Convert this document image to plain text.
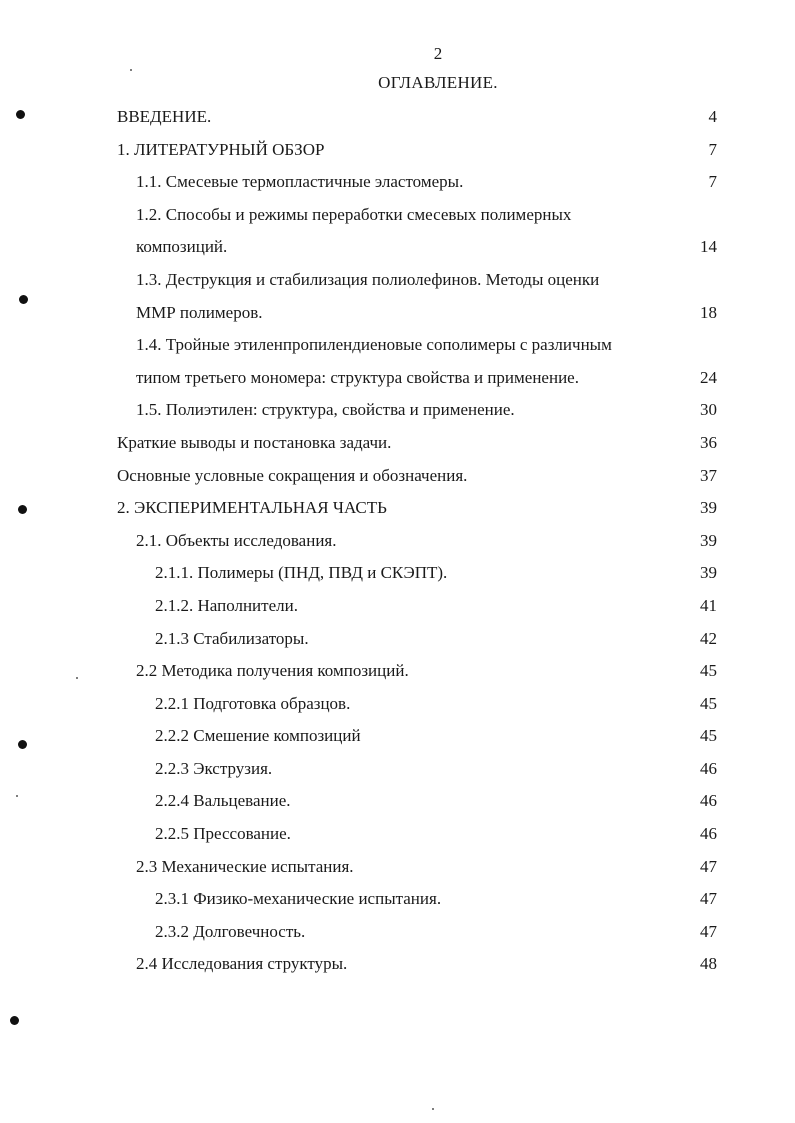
2
ОГЛАВЛЕНИЕ.
ВВЕДЕНИЕ.	4
1. ЛИТЕРАТУРНЫЙ ОБЗОР	7
1.1. Смесевые термопластичные эластомеры.	7
1.2. Способы и режимы переработки смесевых полимерных
композиций.	14
1.3. Деструкция и стабилизация полиолефинов. Методы оценки
ММР полимеров.	18
1.4. Тройные этиленпропилендиеновые сополимеры с различным
типом третьего мономера: структура свойства и применение.	24
1.5. Полиэтилен: структура, свойства и применение.	30
Краткие выводы и постановка задачи.	36
Основные условные сокращения и обозначения.	37
2. ЭКСПЕРИМЕНТАЛЬНАЯ ЧАСТЬ	39
2.1. Объекты исследования.	39
2.1.1. Полимеры (ПНД, ПВД и СКЭПТ).	39
2.1.2. Наполнители.	41
2.1.3 Стабилизаторы.	42
2.2 Методика получения композиций.	45
2.2.1 Подготовка образцов.	45
2.2.2 Смешение композиций	45
2.2.3 Экструзия.	46
2.2.4 Вальцевание.	46
2.2.5 Прессование.	46
2.3 Механические испытания.	47
2.3.1 Физико-механические испытания.	47
2.3.2 Долговечность.	47
2.4 Исследования структуры.	48
